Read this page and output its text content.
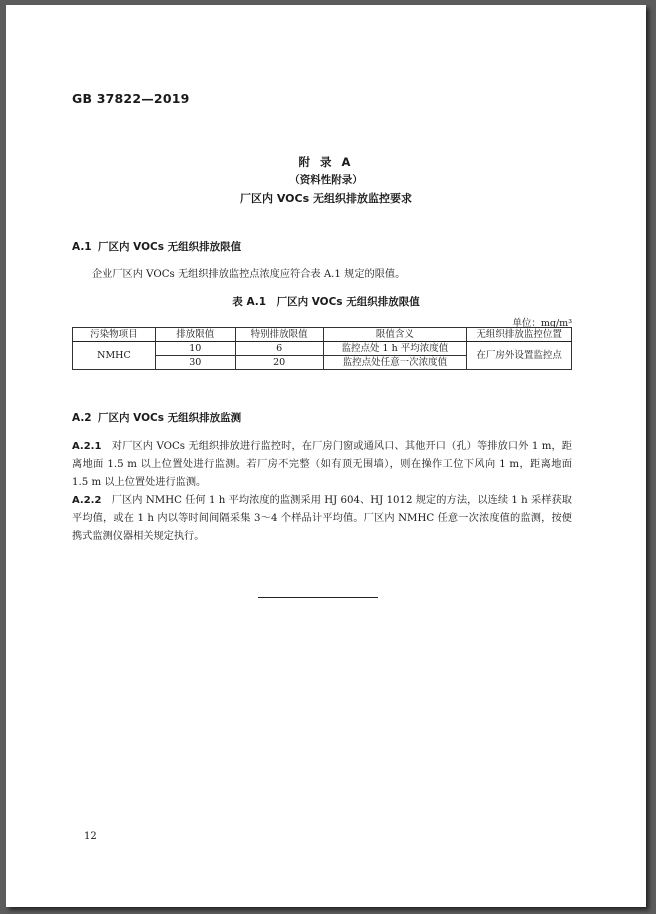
GB 37822—2019
附 录 A
（资料性附录）
厂区内 VOCs 无组织排放监控要求
A.1 厂区内 VOCs 无组织排放限值
企业厂区内 VOCs 无组织排放监控点浓度应符合表 A.1 规定的限值。
表 A.1　厂区内 VOCs 无组织排放限值
单位：mg/m³
污染物项目	排放限值	特别排放限值	限值含义	无组织排放监控位置
NMHC	10	6	监控点处 1 h 平均浓度值	在厂房外设置监控点
	30	20	监控点处任意一次浓度值	
A.2 厂区内 VOCs 无组织排放监测
A.2.1　 对厂区内 VOCs 无组织排放进行监控时，在厂房门窗或通风口、其他开口（孔）等排放口外 1 m，距离地面 1.5 m 以上位置处进行监测。若厂房不完整（如有顶无围墙），则在操作工位下风向 1 m，距离地面 1.5 m 以上位置处进行监测。
A.2.2　 厂区内 NMHC 任何 1 h 平均浓度的监测采用 HJ 604、HJ 1012 规定的方法，以连续 1 h 采样获取平均值，或在 1 h 内以等时间间隔采集 3～4 个样品计平均值。厂区内 NMHC 任意一次浓度值的监测，按便携式监测仪器相关规定执行。
12
